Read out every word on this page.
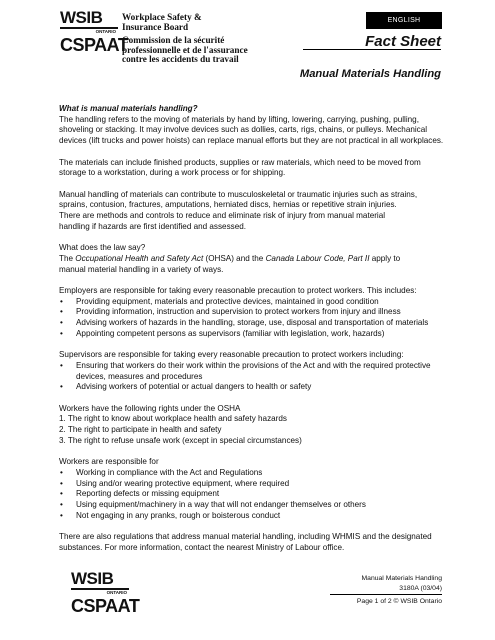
WSIB
ONTARIO
CSPAAT
Workplace Safety &
Insurance Board
Commission de la sécurité
professionnelle et de l'assurance
contre les accidents du travail
ENGLISH
Fact Sheet
Manual Materials Handling
What is manual materials handling?

The handling refers to the moving of materials by hand by lifting, lowering, carrying, pushing, pulling, shoveling or stacking. It may involve devices such as dollies, carts, rigs, chains, or pulleys. Mechanical devices (lift trucks and power hoists) can replace manual efforts but they are not practical in all workplaces.

The materials can include finished products, supplies or raw materials, which need to be moved from storage to a workstation, during a work process or for shipping.

Manual handling of materials can contribute to musculoskeletal or traumatic injuries such as strains,
sprains, contusion, fractures, amputations, herniated discs, hernias or repetitive strain injuries.
There are methods and controls to reduce and eliminate risk of injury from manual material
handling if hazards are first identified and assessed.

What does the law say?

The Occupational Health and Safety Act (OHSA) and the Canada Labour Code, Part II apply to
manual material handling in a variety of ways.

Employers are responsible for taking every reasonable precaution to protect workers. This includes:
• Providing equipment, materials and protective devices, maintained in good condition
• Providing information, instruction and supervision to protect workers from injury and illness
• Advising workers of hazards in the handling, storage, use, disposal and transportation of materials
• Appointing competent persons as supervisors (familiar with legislation, work, hazards)
Supervisors are responsible for taking every reasonable precaution to protect workers including:
• Ensuring that workers do their work within the provisions of the Act and with the required protective devices, measures and procedures
• Advising workers of potential or actual dangers to health or safety
Workers have the following rights under the OSHA

1. The right to know about workplace health and safety hazards
2. The right to participate in health and safety
3. The right to refuse unsafe work (except in special circumstances)

Workers are responsible for
• Working in compliance with the Act and Regulations
• Using and/or wearing protective equipment, where required
• Reporting defects or missing equipment
• Using equipment/machinery in a way that will not endanger themselves or others
• Not engaging in any pranks, rough or boisterous conduct

There are also regulations that address manual material handling, including WHMIS and the designated substances. For more information, contact the nearest Ministry of Labour office.

WSIB
ONTARIO
CSPAAT
Manual Materials Handling
3180A (03/04)
Page 1 of 2 © WSIB Ontario
